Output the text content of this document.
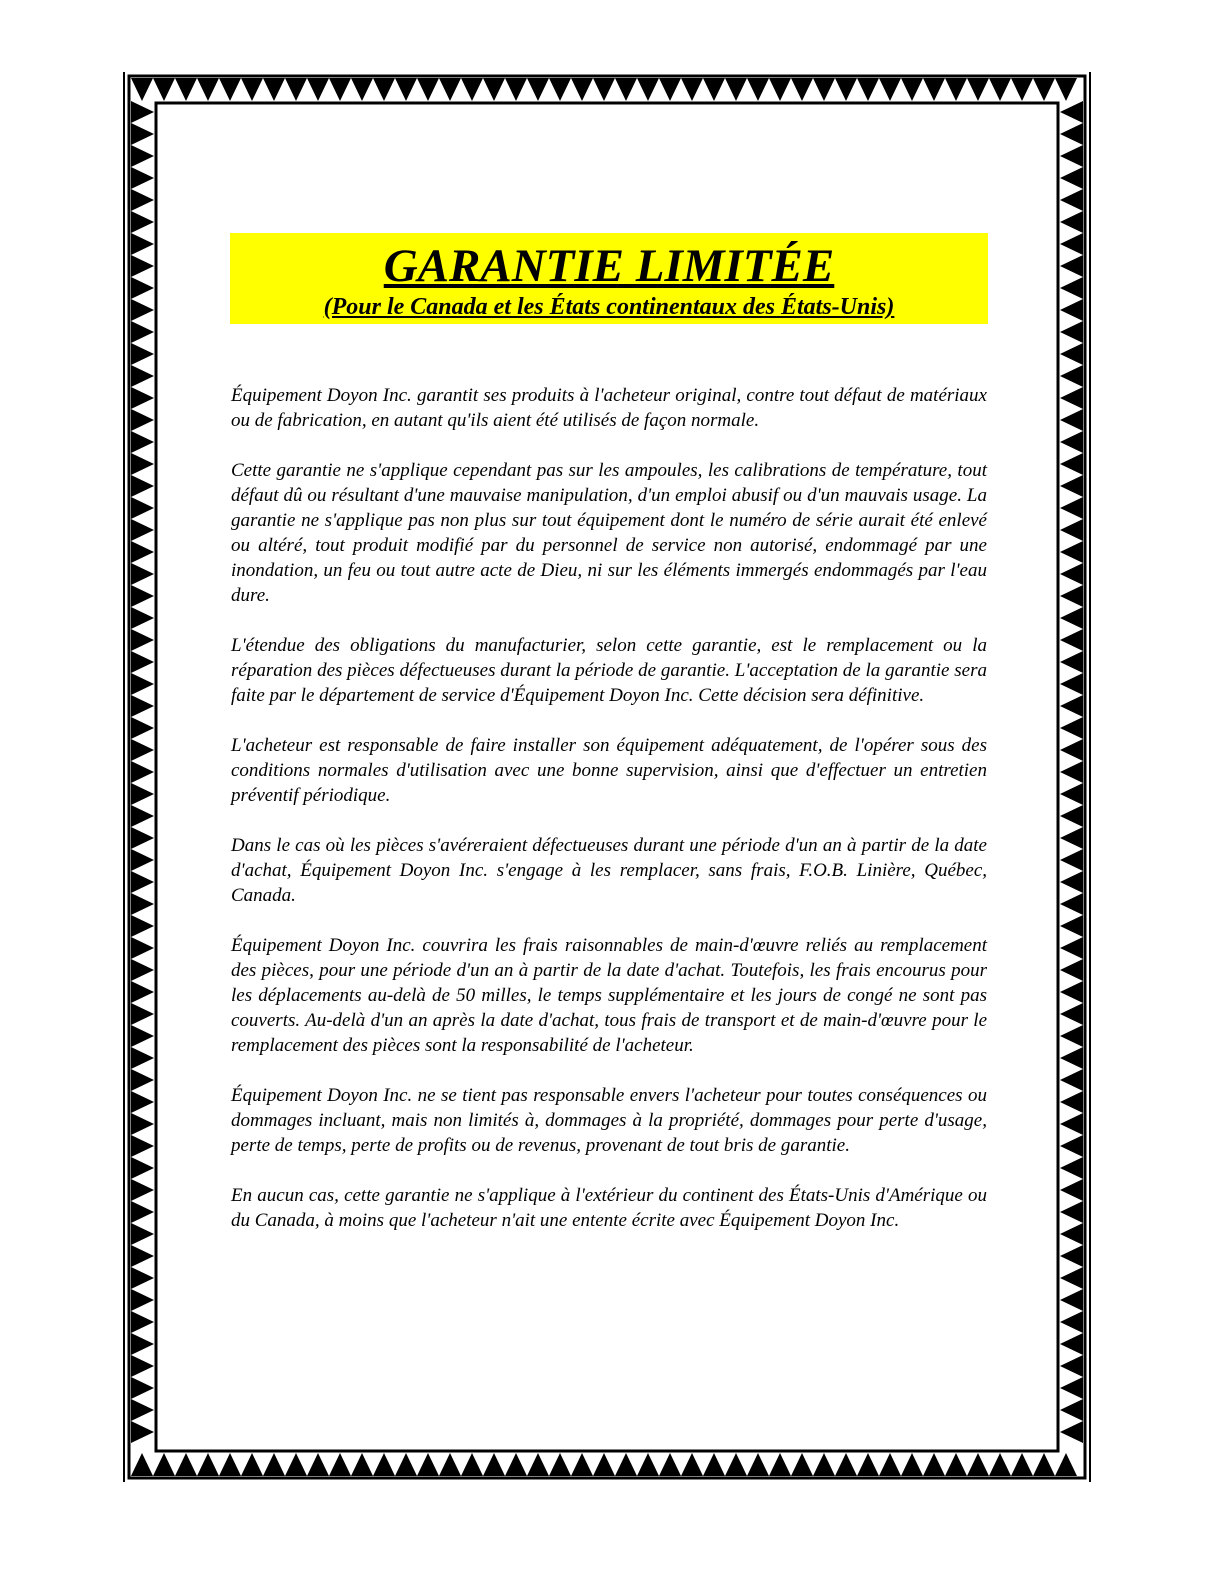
GARANTIE LIMITÉE
(Pour le Canada et les États continentaux des États-Unis)

Équipement Doyon Inc. garantit ses produits à l'acheteur original, contre tout défaut de matériaux ou de fabrication, en autant qu'ils aient été utilisés de façon normale.

Cette garantie ne s'applique cependant pas sur les ampoules, les calibrations de température, tout défaut dû ou résultant d'une mauvaise manipulation, d'un emploi abusif ou d'un mauvais usage. La garantie ne s'applique pas non plus sur tout équipement dont le numéro de série aurait été enlevé ou altéré, tout produit modifié par du personnel de service non autorisé, endommagé par une inondation, un feu ou tout autre acte de Dieu, ni sur les éléments immergés endommagés par l'eau dure.

L'étendue des obligations du manufacturier, selon cette garantie, est le remplacement ou la réparation des pièces défectueuses durant la période de garantie. L'acceptation de la garantie sera faite par le département de service d'Équipement Doyon Inc. Cette décision sera définitive.

L'acheteur est responsable de faire installer son équipement adéquatement, de l'opérer sous des conditions normales d'utilisation avec une bonne supervision, ainsi que d'effectuer un entretien préventif périodique.

Dans le cas où les pièces s'avéreraient défectueuses durant une période d'un an à partir de la date d'achat, Équipement Doyon Inc. s'engage à les remplacer, sans frais, F.O.B. Linière, Québec, Canada.

Équipement Doyon Inc. couvrira les frais raisonnables de main-d'œuvre reliés au remplacement des pièces, pour une période d'un an à partir de la date d'achat. Toutefois, les frais encourus pour les déplacements au-delà de 50 milles, le temps supplémentaire et les jours de congé ne sont pas couverts. Au-delà d'un an après la date d'achat, tous frais de transport et de main-d'œuvre pour le remplacement des pièces sont la responsabilité de l'acheteur.

Équipement Doyon Inc. ne se tient pas responsable envers l'acheteur pour toutes conséquences ou dommages incluant, mais non limités à, dommages à la propriété, dommages pour perte d'usage, perte de temps, perte de profits ou de revenus, provenant de tout bris de garantie.

En aucun cas, cette garantie ne s'applique à l'extérieur du continent des États-Unis d'Amérique ou du Canada, à moins que l'acheteur n'ait une entente écrite avec Équipement Doyon Inc.
